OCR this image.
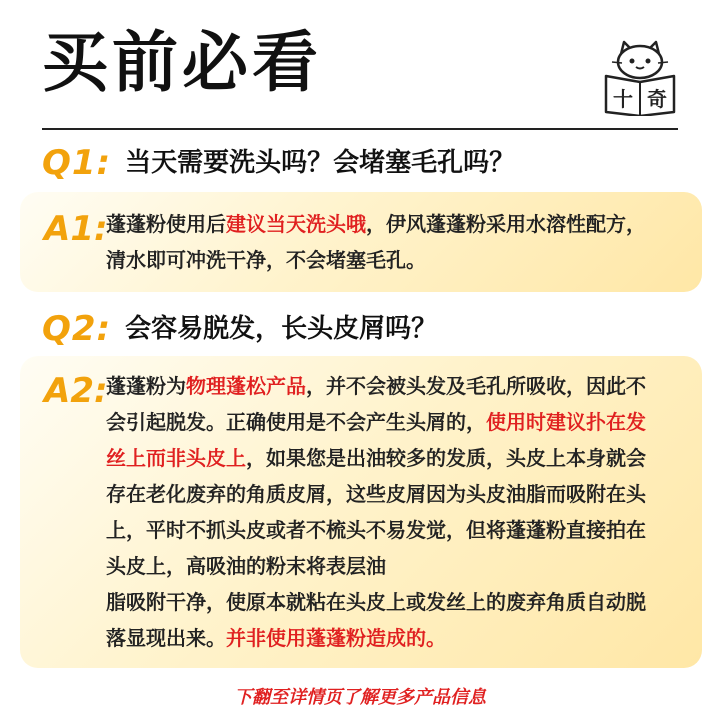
买前必看	十 奇
Q1: 当天需要洗头吗？会堵塞毛孔吗？
A1:
蓬蓬粉使用后建议当天洗头哦，伊风蓬蓬粉采用水溶性配方，
清水即可冲洗干净，不会堵塞毛孔。
Q2: 会容易脱发，长头皮屑吗？
A2:
蓬蓬粉为物理蓬松产品，并不会被头发及毛孔所吸收，因此不
会引起脱发。正确使用是不会产生头屑的，使用时建议扑在发
丝上而非头皮上，如果您是出油较多的发质，头皮上本身就会
存在老化废弃的角质皮屑，这些皮屑因为头皮油脂而吸附在头
上，平时不抓头皮或者不梳头不易发觉，但将蓬蓬粉直接拍在
头皮上，高吸油的粉末将表层油
脂吸附干净，使原本就粘在头皮上或发丝上的废弃角质自动脱
落显现出来。并非使用蓬蓬粉造成的。
下翻至详情页了解更多产品信息
